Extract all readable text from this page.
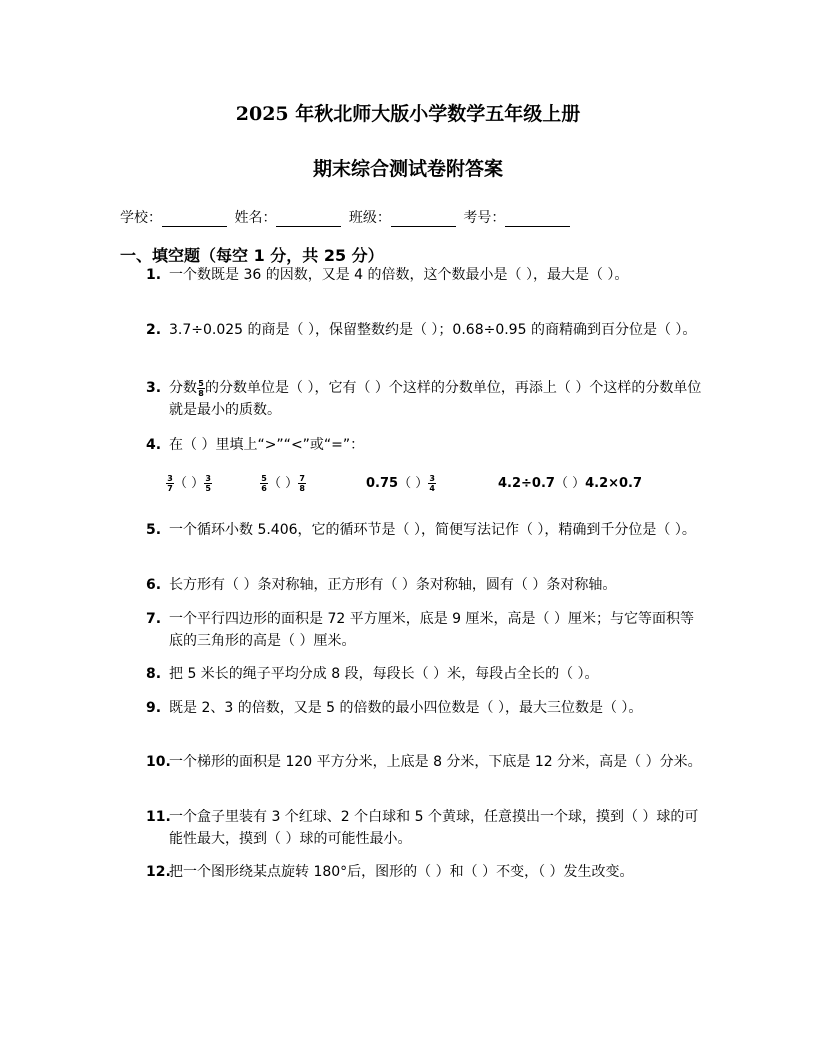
2025 年秋北师大版小学数学五年级上册
期末综合测试卷附答案
学校：	姓名：	班级：	考号：
一、填空题（每空 1 分，共 25 分）
1. 一个数既是 36 的因数，又是 4 的倍数，这个数最小是（ ），最大是（ ）。
2. 3.7÷0.025 的商是（ ），保留整数约是（ ）；0.68÷0.95 的商精确到百分位是（ ）。
3. 分数 $\frac{5}{8}$ 的分数单位是（ ），它有（ ）个这样的分数单位，再添上（ ）个这样的分数单位就是最小的质数。
4. 在（ ）里填上“>”“<”或“=”：
$\frac{3}{7}$ （ ） $\frac{3}{5}$	$\frac{5}{6}$ （ ） $\frac{7}{8}$	0.75（ ） $\frac{3}{4}$	4.2÷0.7（ ）4.2×0.7
5. 一个循环小数 5.406，它的循环节是（ ），简便写法记作（ ），精确到千分位是（ ）。
6. 长方形有（ ）条对称轴，正方形有（ ）条对称轴，圆有（ ）条对称轴。
7. 一个平行四边形的面积是 72 平方厘米，底是 9 厘米，高是（ ）厘米；与它等面积等底的三角形的高是（ ）厘米。
8. 把 5 米长的绳子平均分成 8 段，每段长（ ）米，每段占全长的（ ）。
9. 既是 2、3 的倍数，又是 5 的倍数的最小四位数是（ ），最大三位数是（ ）。
10.
一个梯形的面积是 120 平方分米，上底是 8 分米，下底是 12 分米，高是（ ）分米。
11.
一个盒子里装有 3 个红球、2 个白球和 5 个黄球，任意摸出一个球，摸到（ ）球的可能性最大，摸到（ ）球的可能性最小。
12.
把一个图形绕某点旋转 180°后，图形的（ ）和（ ）不变，（ ）发生改变。
